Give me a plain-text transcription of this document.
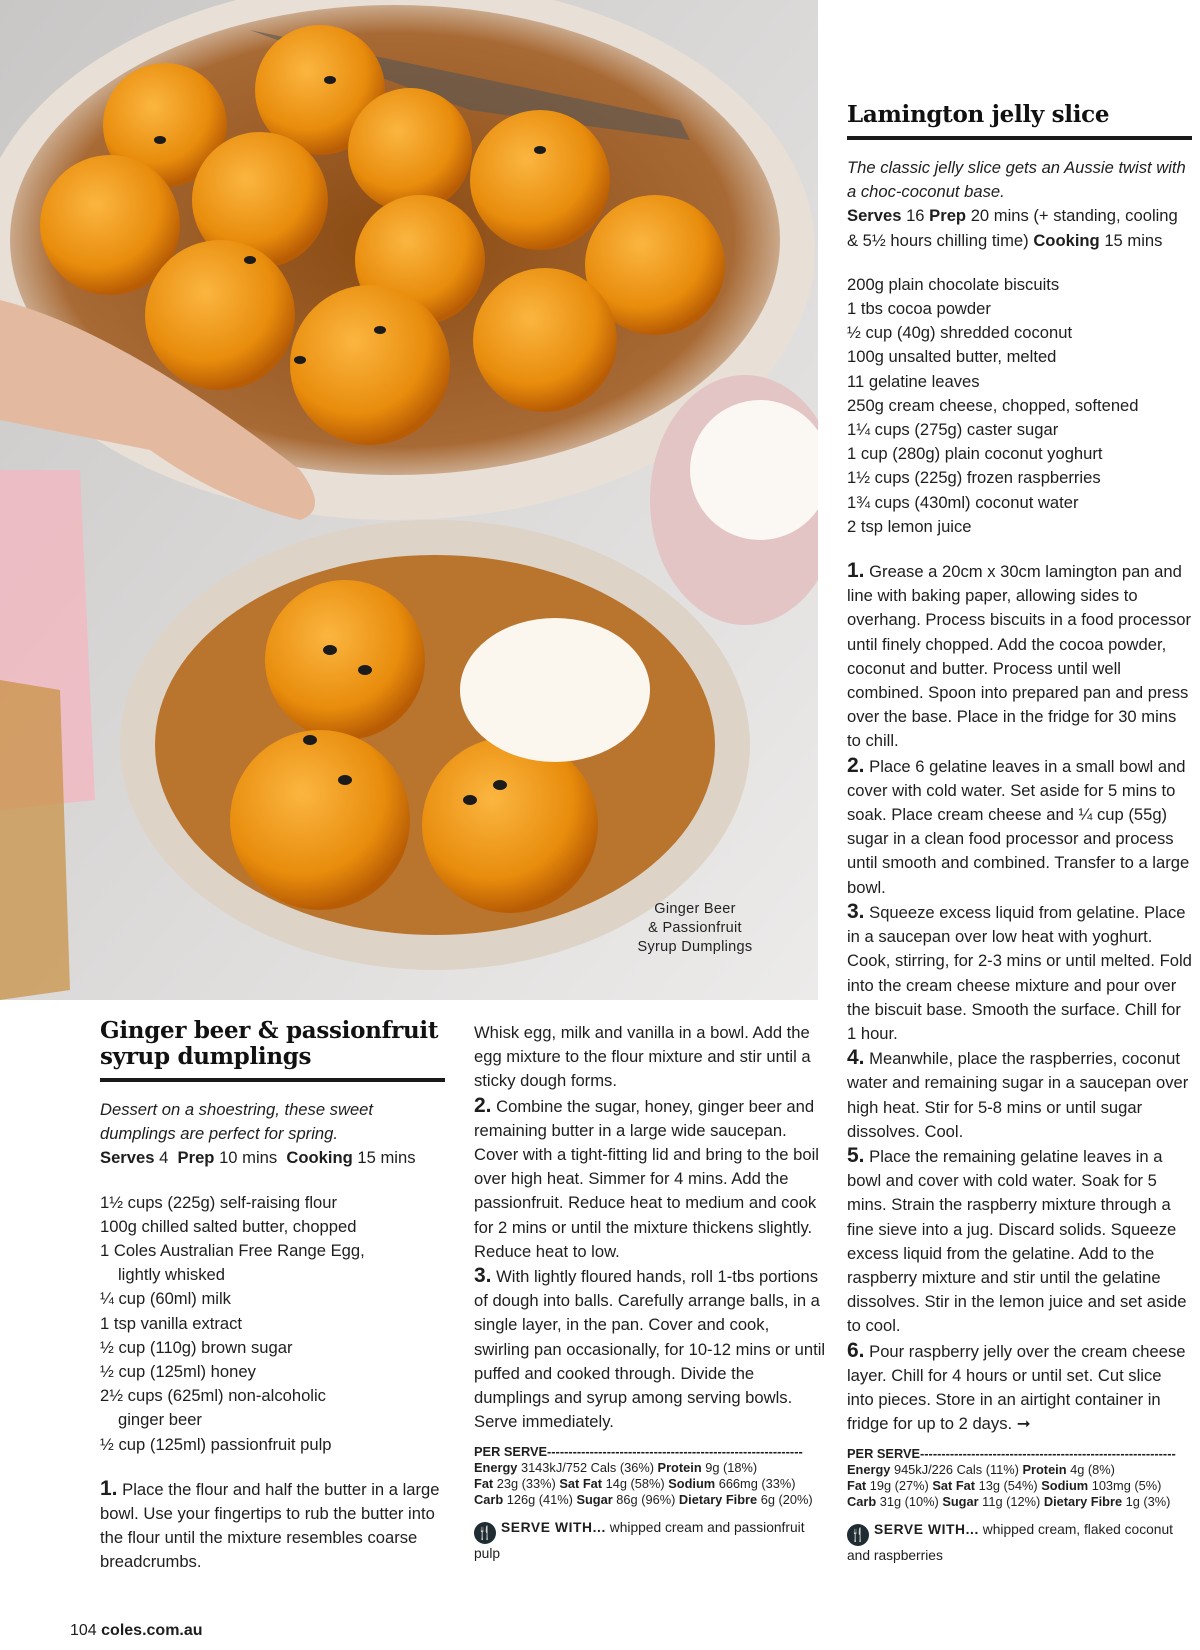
Ginger Beer
& Passionfruit
Syrup Dumplings
Lamington jelly slice
The classic jelly slice gets an Aussie twist with a choc-coconut base.
Serves 16 Prep 20 mins (+ standing, cooling & 5½ hours chilling time) Cooking 15 mins
200g plain chocolate biscuits
1 tbs cocoa powder
½ cup (40g) shredded coconut
100g unsalted butter, melted
11 gelatine leaves
250g cream cheese, chopped, softened
1¼ cups (275g) caster sugar
1 cup (280g) plain coconut yoghurt
1½ cups (225g) frozen raspberries
1¾ cups (430ml) coconut water
2 tsp lemon juice
1. Grease a 20cm x 30cm lamington pan and line with baking paper, allowing sides to overhang. Process biscuits in a food processor until finely chopped. Add the cocoa powder, coconut and butter. Process until well combined. Spoon into prepared pan and press over the base. Place in the fridge for 30 mins to chill.
2. Place 6 gelatine leaves in a small bowl and cover with cold water. Set aside for 5 mins to soak. Place cream cheese and ¼ cup (55g) sugar in a clean food processor and process until smooth and combined. Transfer to a large bowl.
3. Squeeze excess liquid from gelatine. Place in a saucepan over low heat with yoghurt. Cook, stirring, for 2-3 mins or until melted. Fold into the cream cheese mixture and pour over the biscuit base. Smooth the surface. Chill for 1 hour.
4. Meanwhile, place the raspberries, coconut water and remaining sugar in a saucepan over high heat. Stir for 5-8 mins or until sugar dissolves. Cool.
5. Place the remaining gelatine leaves in a bowl and cover with cold water. Soak for 5 mins. Strain the raspberry mixture through a fine sieve into a jug. Discard solids. Squeeze excess liquid from the gelatine. Add to the raspberry mixture and stir until the gelatine dissolves. Stir in the lemon juice and set aside to cool.
6. Pour raspberry jelly over the cream cheese layer. Chill for 4 hours or until set. Cut slice into pieces. Store in an airtight container in fridge for up to 2 days. ➞
PER SERVE------------------------------------------------------------
Energy 945kJ/226 Cals (11%) Protein 4g (8%)
Fat 19g (27%) Sat Fat 13g (54%) Sodium 103mg (5%)
Carb 31g (10%) Sugar 11g (12%) Dietary Fibre 1g (3%)
🍴 SERVE WITH... whipped cream, flaked coconut and raspberries
Ginger beer & passionfruit syrup dumplings
Dessert on a shoestring, these sweet dumplings are perfect for spring.
Serves 4 Prep 10 mins Cooking 15 mins
1½ cups (225g) self-raising flour
100g chilled salted butter, chopped
1 Coles Australian Free Range Egg,
lightly whisked
¼ cup (60ml) milk
1 tsp vanilla extract
½ cup (110g) brown sugar
½ cup (125ml) honey
2½ cups (625ml) non-alcoholic
ginger beer
½ cup (125ml) passionfruit pulp
1. Place the flour and half the butter in a large bowl. Use your fingertips to rub the butter into the flour until the mixture resembles coarse breadcrumbs.
Whisk egg, milk and vanilla in a bowl. Add the egg mixture to the flour mixture and stir until a sticky dough forms.
2. Combine the sugar, honey, ginger beer and remaining butter in a large wide saucepan. Cover with a tight-fitting lid and bring to the boil over high heat. Simmer for 4 mins. Add the passionfruit. Reduce heat to medium and cook for 2 mins or until the mixture thickens slightly. Reduce heat to low.
3. With lightly floured hands, roll 1-tbs portions of dough into balls. Carefully arrange balls, in a single layer, in the pan. Cover and cook, swirling pan occasionally, for 10-12 mins or until puffed and cooked through. Divide the dumplings and syrup among serving bowls. Serve immediately.
PER SERVE------------------------------------------------------------
Energy 3143kJ/752 Cals (36%) Protein 9g (18%)
Fat 23g (33%) Sat Fat 14g (58%) Sodium 666mg (33%)
Carb 126g (41%) Sugar 86g (96%) Dietary Fibre 6g (20%)
🍴 SERVE WITH... whipped cream and passionfruit pulp
104 coles.com.au
